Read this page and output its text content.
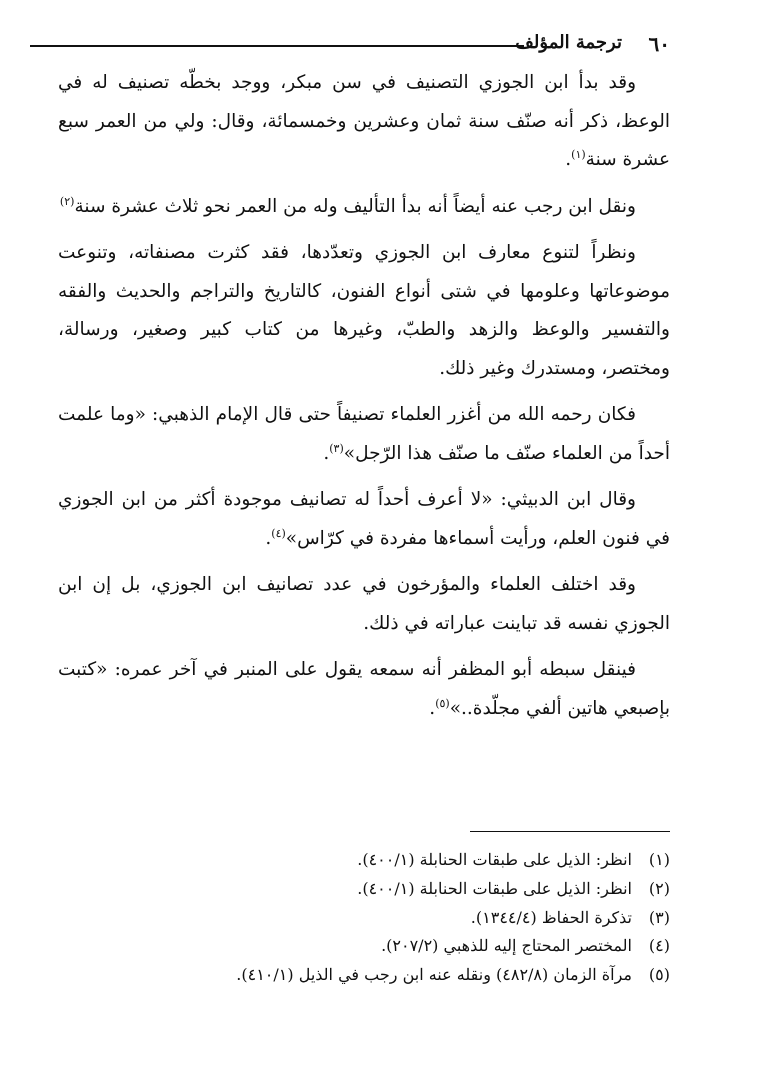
٦٠
ترجمة المؤلف

وقد بدأ ابن الجوزي التصنيف في سن مبكر، ووجد بخطّه تصنيف له في الوعظ، ذكر أنه صنّف سنة ثمان وعشرين وخمسمائة، وقال: ولي من العمر سبع عشرة سنة$^{(١)}$.

ونقل ابن رجب عنه أيضاً أنه بدأ التأليف وله من العمر نحو ثلاث عشرة سنة$^{(٢)}$

ونظراً لتنوع معارف ابن الجوزي وتعدّدها، فقد كثرت مصنفاته، وتنوعت موضوعاتها وعلومها في شتى أنواع الفنون، كالتاريخ والتراجم والحديث والفقه والتفسير والوعظ والزهد والطبّ، وغيرها من كتاب كبير وصغير، ورسالة، ومختصر، ومستدرك وغير ذلك.

فكان رحمه الله من أغزر العلماء تصنيفاً حتى قال الإمام الذهبي: «وما علمت أحداً من العلماء صنّف ما صنّف هذا الرّجل»$^{(٣)}$.

وقال ابن الدبيثي: «لا أعرف أحداً له تصانيف موجودة أكثر من ابن الجوزي في فنون العلم، ورأيت أسماءها مفردة في كرّاس»$^{(٤)}$.

وقد اختلف العلماء والمؤرخون في عدد تصانيف ابن الجوزي، بل إن ابن الجوزي نفسه قد تباينت عباراته في ذلك.

فينقل سبطه أبو المظفر أنه سمعه يقول على المنبر في آخر عمره: «كتبت بإصبعي هاتين ألفي مجلّدة..»$^{(٥)}$.

(١)انظر: الذيل على طبقات الحنابلة (٤٠٠/١).

(٢)انظر: الذيل على طبقات الحنابلة (٤٠٠/١).

(٣)تذكرة الحفاظ (١٣٤٤/٤).

(٤)المختصر المحتاج إليه للذهبي (٢٠٧/٢).

(٥)مرآة الزمان (٤٨٢/٨) ونقله عنه ابن رجب في الذيل (٤١٠/١).
